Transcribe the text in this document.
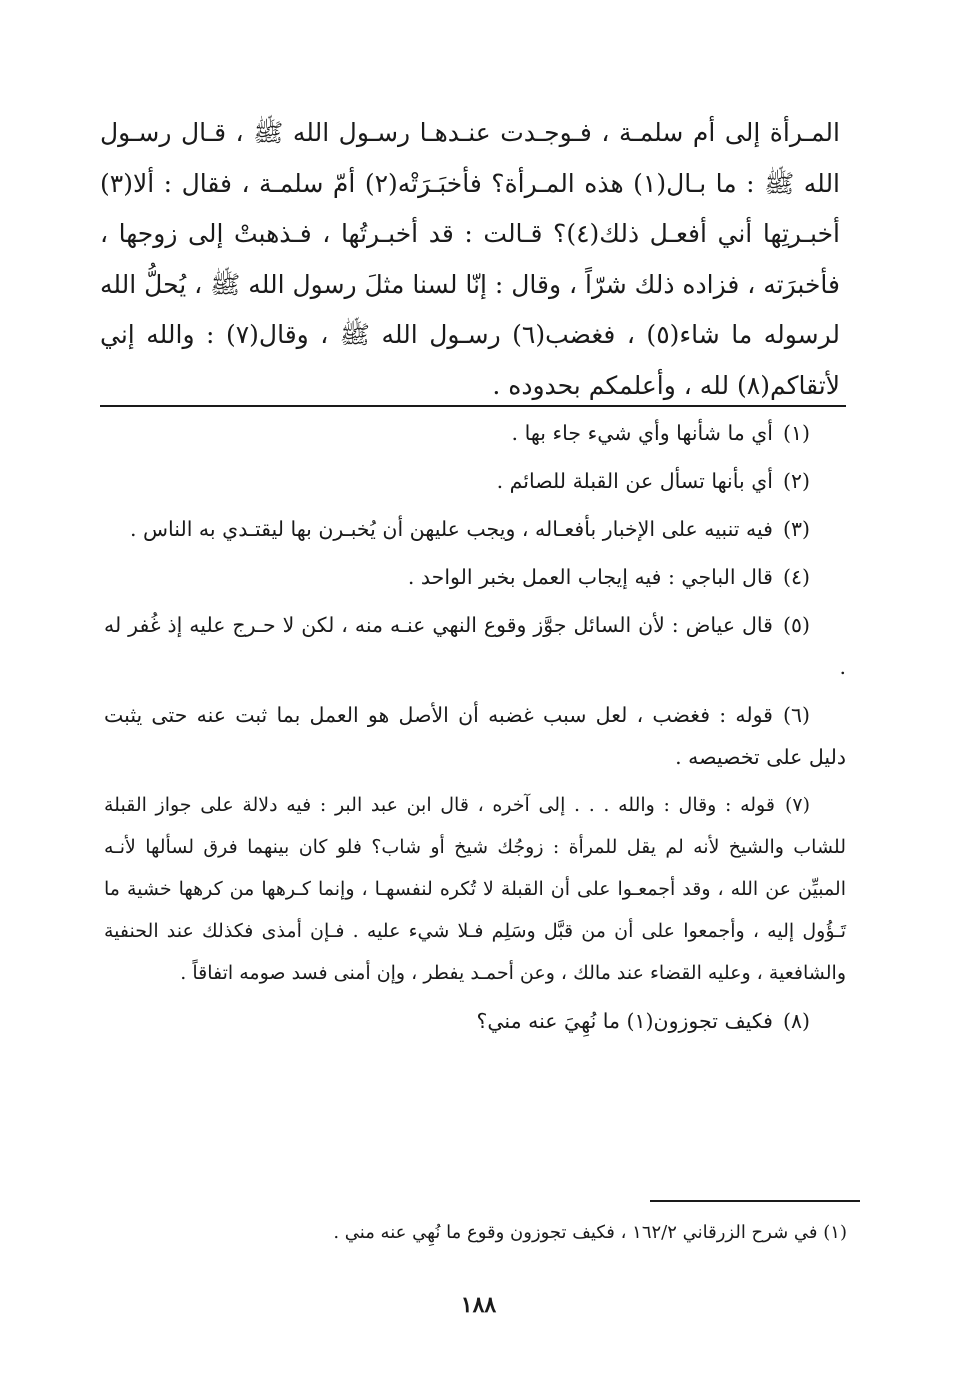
المـرأة إلى أم سلمـة ، فـوجـدت عنـدهـا رسـول الله ﷺ ، قـال رسـول الله ﷺ : ما بـال(١) هذه المـرأة؟ فأخبَـرَتْه(٢) أمّ سلمـة ، فقال : ألا(٣) أخبـرتِها أني أفعـل ذلك(٤)؟ قـالت : قد أخبـرتُها ، فـذهبتْ إلى زوجها ، فأخبرَته ، فزاده ذلك شرّاً ، وقال : إنّا لسنا مثلَ رسول الله ﷺ ، يُحلُّ الله لرسوله ما شاء(٥) ، فغضب(٦) رسـول الله ﷺ ، وقال(٧) : والله إني لأتقاكم(٨) لله ، وأعلمكم بحدوده .

(١)أي ما شأنها وأي شيء جاء بها .

(٢)أي بأنها تسأل عن القبلة للصائم .

(٣)فيه تنبيه على الإخبار بأفعـاله ، ويجب عليهن أن يُخبـرن بها ليقتـدي به الناس .

(٤)قال الباجي : فيه إيجاب العمل بخبر الواحد .

(٥)قال عياض : لأن السائل جوَّز وقوع النهي عنـه منه ، لكن لا حـرج عليه إذ غُفر له .

(٦)قوله : فغضب ، لعل سبب غضبه أن الأصل هو العمل بما ثبت عنه حتى يثبت دليل على تخصيصه .

(٧)قوله : وقال : والله . . . إلى آخره ، قال ابن عبد البر : فيه دلالة على جواز القبلة للشاب والشيخ لأنه لم يقل للمرأة : زوجُك شيخ أو شاب؟ فلو كان بينهما فرق لسألها لأنـه المبيِّن عن الله ، وقد أجمعـوا على أن القبلة لا تُكره لنفسهـا ، وإنما كـرهها من كرهها خشية ما تَـؤُول إليه ، وأجمعوا على أن من قبَّل وسَلِم فـلا شيء عليه . فـإن أمذى فكذلك عند الحنفية والشافعية ، وعليه القضاء عند مالك ، وعن أحمـد يفطر ، وإن أمنى فسد صومه اتفاقاً .

(٨)فكيف تجوزون(١) ما نُهِيَ عنه مني؟

(١) في شرح الزرقاني ١٦٢/٢ ، فكيف تجوزون وقوع ما نُهِي عنه مني .

١٨٨
